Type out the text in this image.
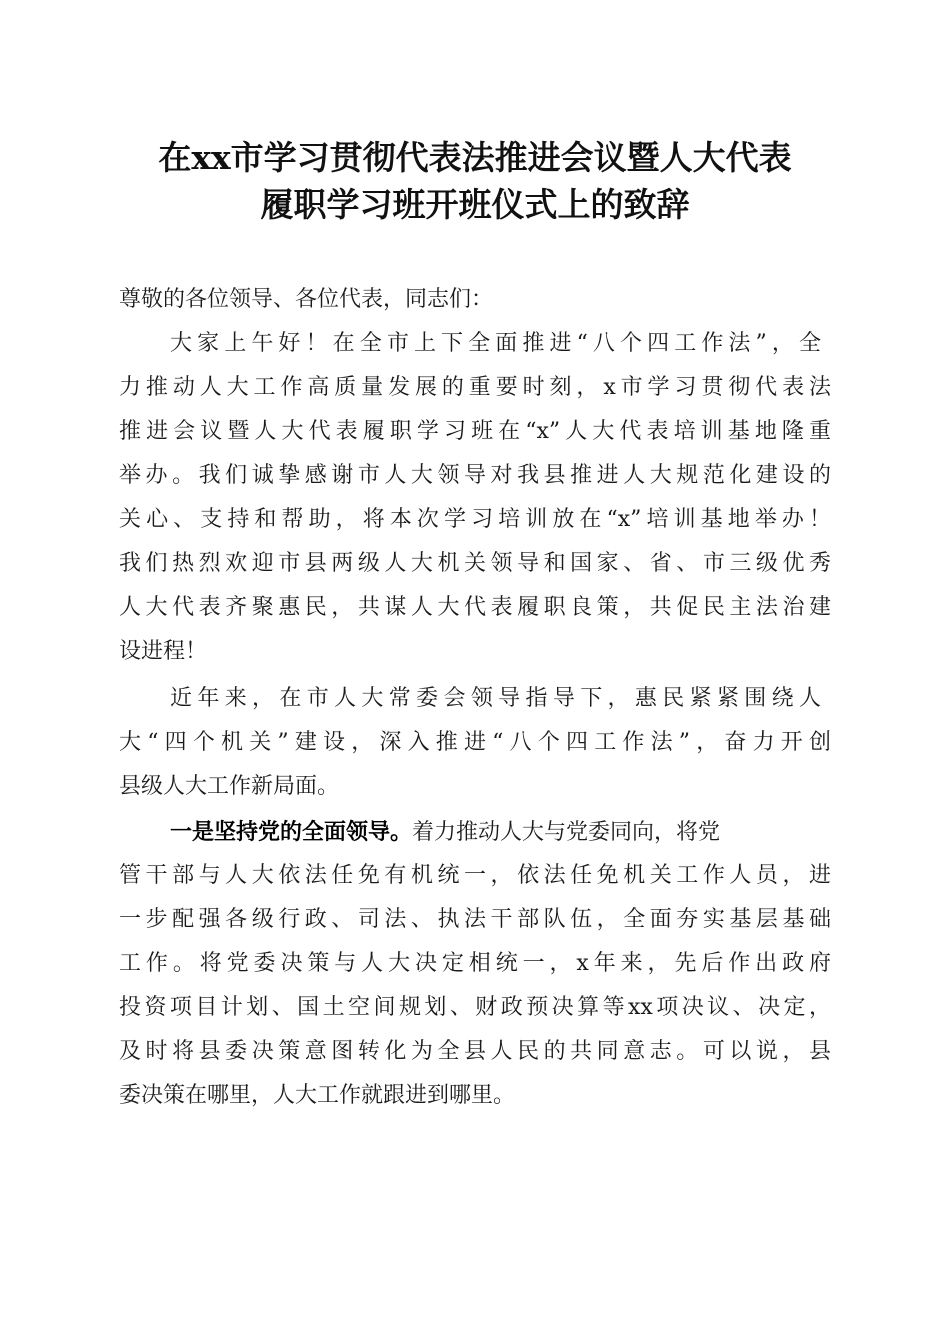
在xx市学习贯彻代表法推进会议暨人大代表
履职学习班开班仪式上的致辞
尊敬的各位领导、各位代表，同志们：
大家上午好！在全市上下全面推进“八个四工作法”，全
力推动人大工作高质量发展的重要时刻，x市学习贯彻代表法
推进会议暨人大代表履职学习班在“x”人大代表培训基地隆重
举办。我们诚挚感谢市人大领导对我县推进人大规范化建设的
关心、支持和帮助，将本次学习培训放在“x”培训基地举办！
我们热烈欢迎市县两级人大机关领导和国家、省、市三级优秀
人大代表齐聚惠民，共谋人大代表履职良策，共促民主法治建
设进程！
近年来，在市人大常委会领导指导下，惠民紧紧围绕人
大“四个机关”建设，深入推进“八个四工作法”，奋力开创
县级人大工作新局面。
一是坚持党的全面领导。着力推动人大与党委同向，将党
管干部与人大依法任免有机统一，依法任免机关工作人员，进
一步配强各级行政、司法、执法干部队伍，全面夯实基层基础
工作。将党委决策与人大决定相统一，x年来，先后作出政府
投资项目计划、国土空间规划、财政预决算等xx项决议、决定，
及时将县委决策意图转化为全县人民的共同意志。可以说，县
委决策在哪里，人大工作就跟进到哪里。
